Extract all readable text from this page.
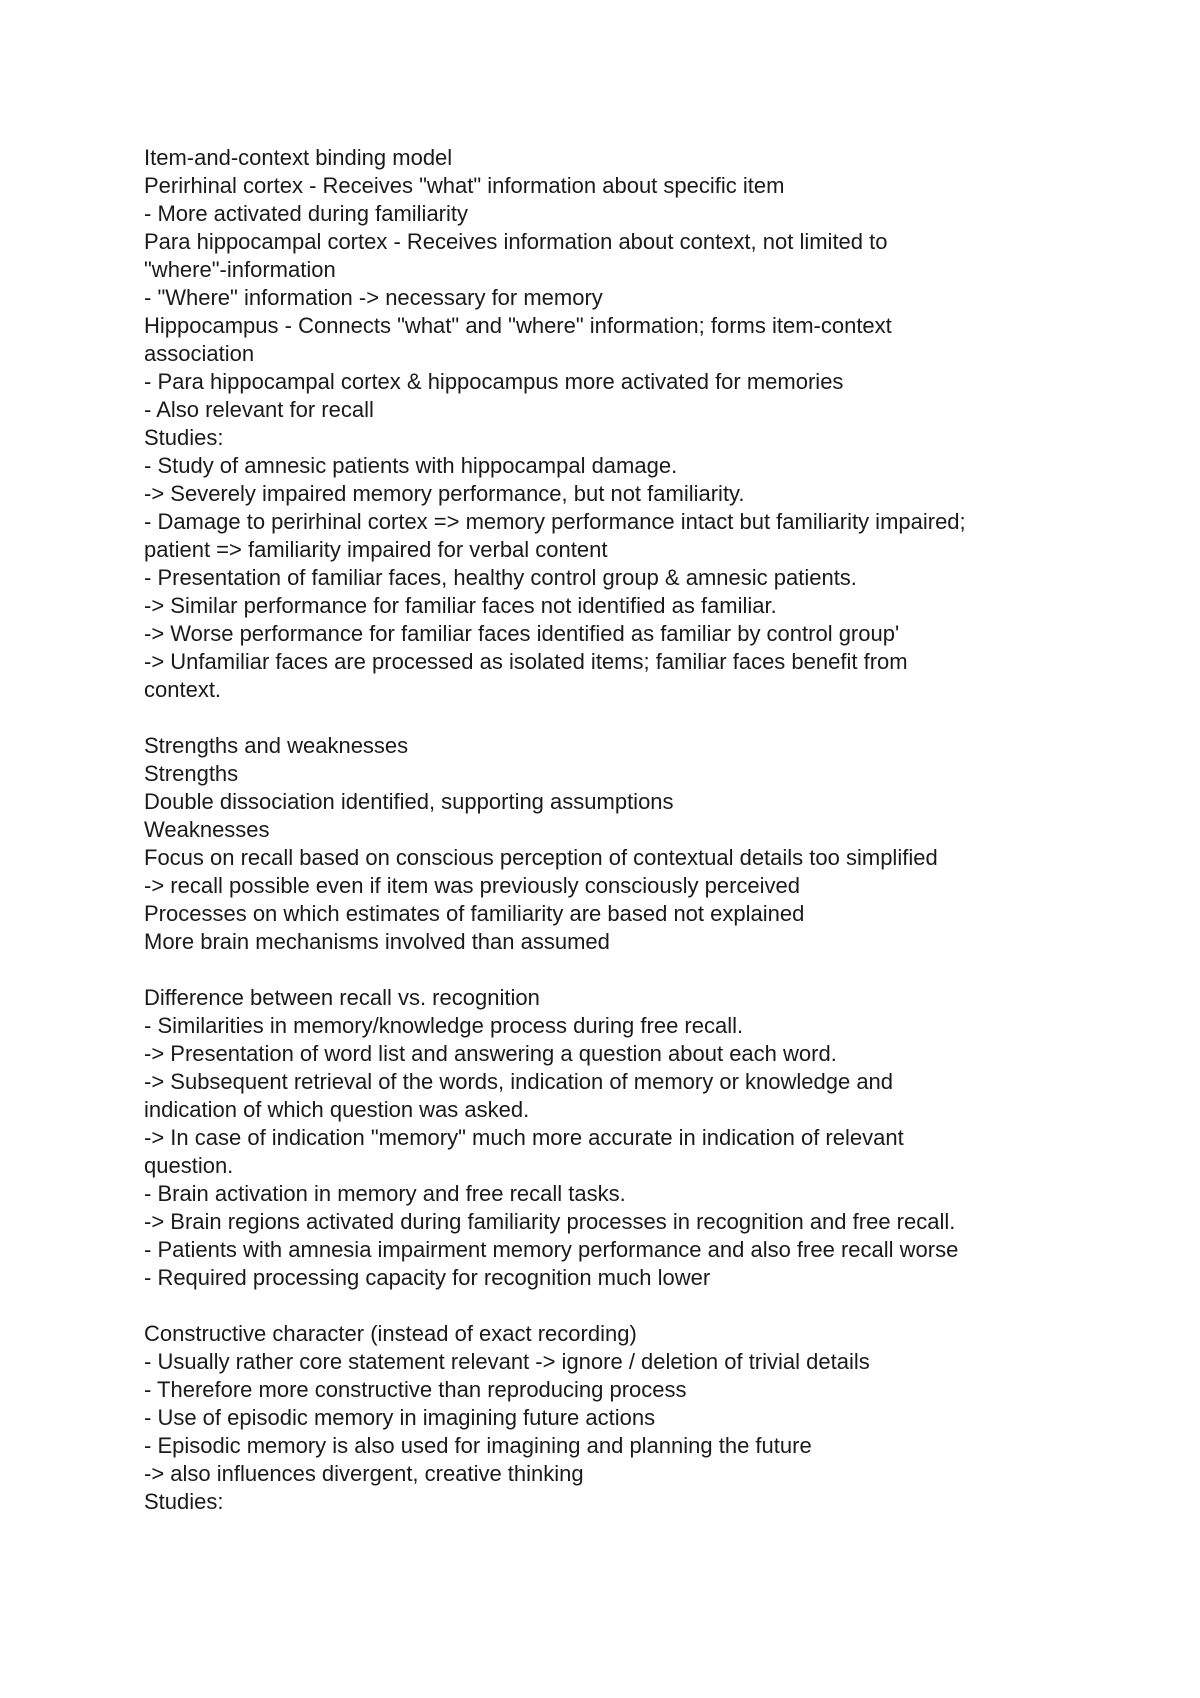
Item-and-context binding model
Perirhinal cortex - Receives "what" information about specific item
- More activated during familiarity
Para hippocampal cortex - Receives information about context, not limited to
"where"-information
- "Where" information -> necessary for memory
Hippocampus - Connects "what" and "where" information; forms item-context
association
- Para hippocampal cortex & hippocampus more activated for memories
- Also relevant for recall
Studies:
- Study of amnesic patients with hippocampal damage.
-> Severely impaired memory performance, but not familiarity.
- Damage to perirhinal cortex => memory performance intact but familiarity impaired;
patient => familiarity impaired for verbal content
- Presentation of familiar faces, healthy control group & amnesic patients.
-> Similar performance for familiar faces not identified as familiar.
-> Worse performance for familiar faces identified as familiar by control group'
-> Unfamiliar faces are processed as isolated items; familiar faces benefit from
context.
Strengths and weaknesses
Strengths
Double dissociation identified, supporting assumptions
Weaknesses
Focus on recall based on conscious perception of contextual details too simplified
-> recall possible even if item was previously consciously perceived
Processes on which estimates of familiarity are based not explained
More brain mechanisms involved than assumed
Difference between recall vs. recognition
- Similarities in memory/knowledge process during free recall.
-> Presentation of word list and answering a question about each word.
-> Subsequent retrieval of the words, indication of memory or knowledge and
indication of which question was asked.
-> In case of indication "memory" much more accurate in indication of relevant
question.
- Brain activation in memory and free recall tasks.
-> Brain regions activated during familiarity processes in recognition and free recall.
- Patients with amnesia impairment memory performance and also free recall worse
- Required processing capacity for recognition much lower
Constructive character (instead of exact recording)
- Usually rather core statement relevant -> ignore / deletion of trivial details
- Therefore more constructive than reproducing process
- Use of episodic memory in imagining future actions
- Episodic memory is also used for imagining and planning the future
-> also influences divergent, creative thinking
Studies:
